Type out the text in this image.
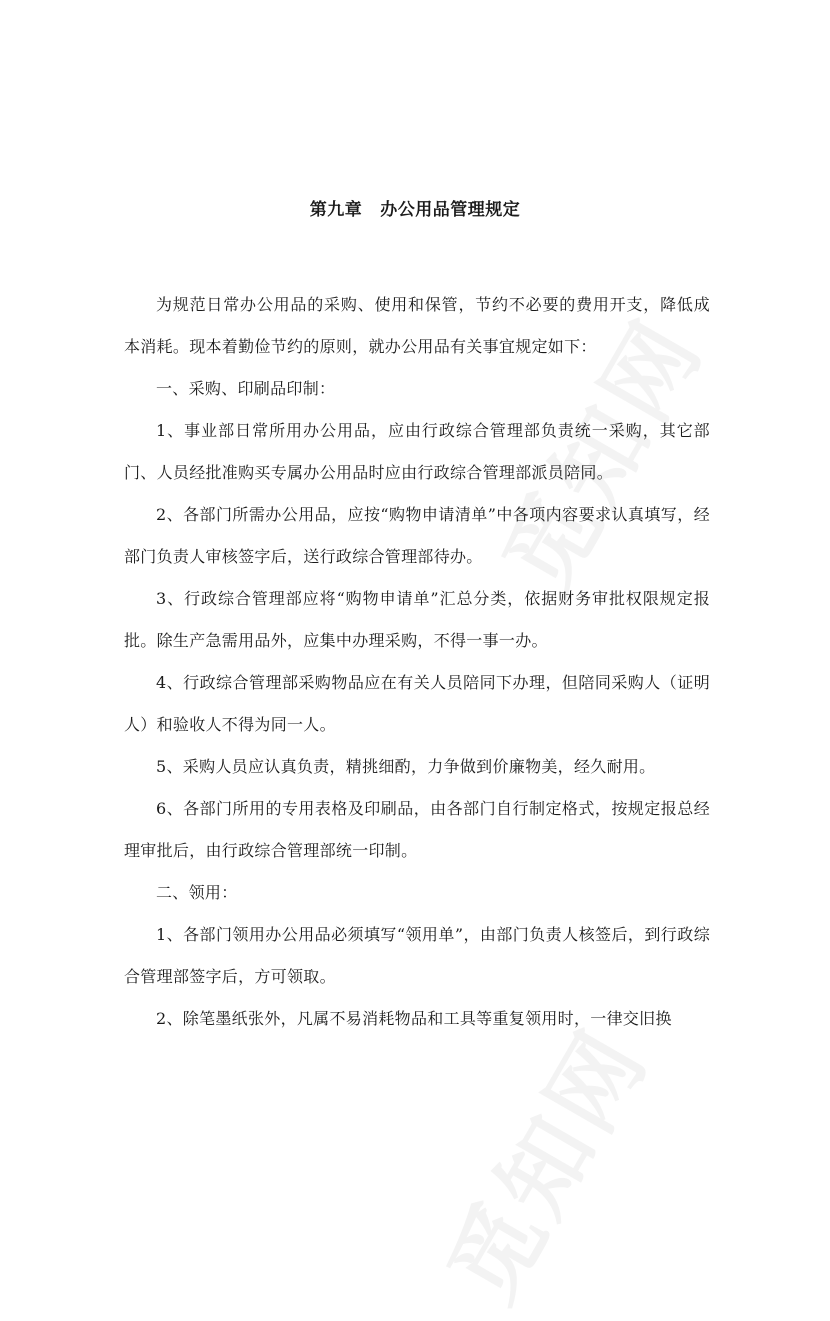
第九章 办公用品管理规定

为规范日常办公用品的采购、使用和保管，节约不必要的费用开支，降低成本消耗。现本着勤俭节约的原则，就办公用品有关事宜规定如下：

一、采购、印刷品印制：

1、事业部日常所用办公用品，应由行政综合管理部负责统一采购，其它部门、人员经批准购买专属办公用品时应由行政综合管理部派员陪同。

2、各部门所需办公用品，应按“购物申请清单”中各项内容要求认真填写，经部门负责人审核签字后，送行政综合管理部待办。

3、行政综合管理部应将“购物申请单”汇总分类，依据财务审批权限规定报批。除生产急需用品外，应集中办理采购，不得一事一办。

4、行政综合管理部采购物品应在有关人员陪同下办理，但陪同采购人（证明人）和验收人不得为同一人。

5、采购人员应认真负责，精挑细酌，力争做到价廉物美，经久耐用。

6、各部门所用的专用表格及印刷品，由各部门自行制定格式，按规定报总经理审批后，由行政综合管理部统一印制。

二、领用：

1、各部门领用办公用品必须填写“领用单”，由部门负责人核签后，到行政综合管理部签字后，方可领取。

2、除笔墨纸张外，凡属不易消耗物品和工具等重复领用时，一律交旧换
